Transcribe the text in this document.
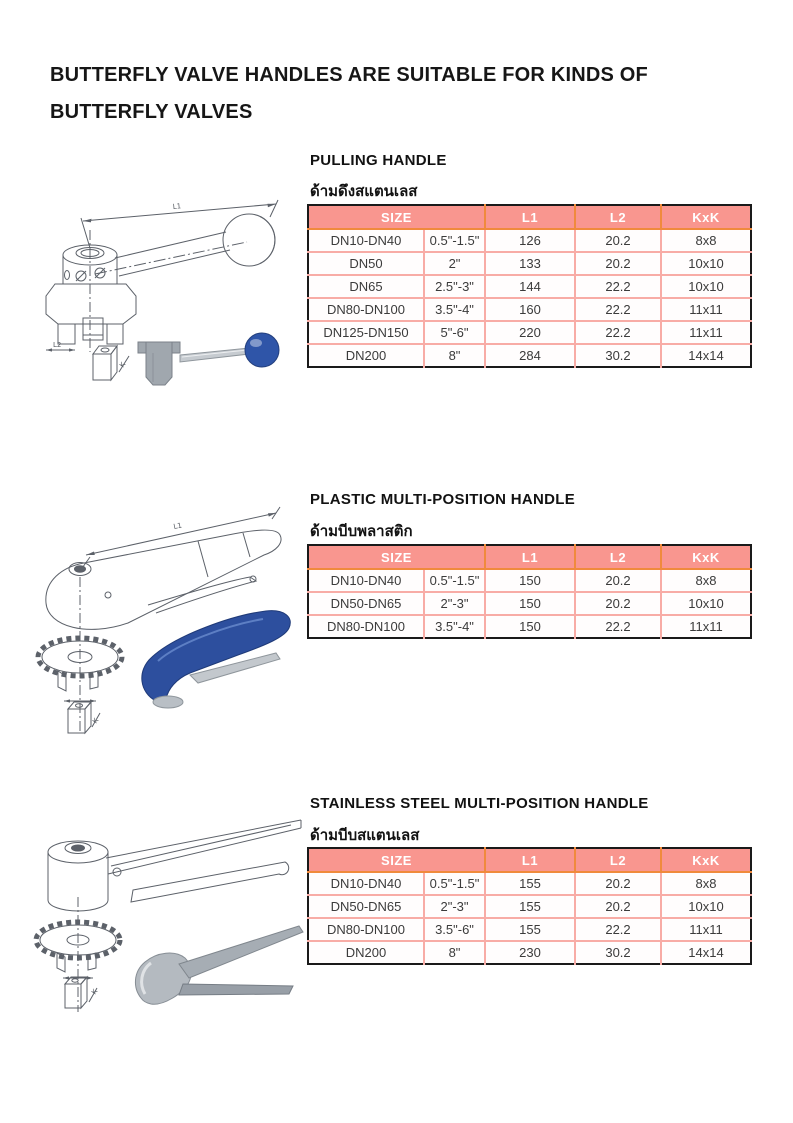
BUTTERFLY VALVE HANDLES ARE SUITABLE FOR KINDS OF
BUTTERFLY VALVES
L1
L2
K
PULLING HANDLE
ด้ามดึงสแตนเลส
SIZE		L1	L2	KxK
DN10-DN40	0.5"-1.5"	126	20.2	8x8
DN50	2"	133	20.2	10x10
DN65	2.5"-3"	144	22.2	10x10
DN80-DN100	3.5"-4"	160	22.2	11x11
DN125-DN150	5"-6"	220	22.2	11x11
DN200	8"	284	30.2	14x14
L1
K
PLASTIC MULTI-POSITION HANDLE
ด้ามบีบพลาสติก
SIZE		L1	L2	KxK
DN10-DN40	0.5"-1.5"	150	20.2	8x8
DN50-DN65	2"-3"	150	20.2	10x10
DN80-DN100	3.5"-4"	150	22.2	11x11
K
STAINLESS STEEL MULTI-POSITION HANDLE
ด้ามบีบสแตนเลส
SIZE		L1	L2	KxK
DN10-DN40	0.5"-1.5"	155	20.2	8x8
DN50-DN65	2"-3"	155	20.2	10x10
DN80-DN100	3.5"-6"	155	22.2	11x11
DN200	8"	230	30.2	14x14
